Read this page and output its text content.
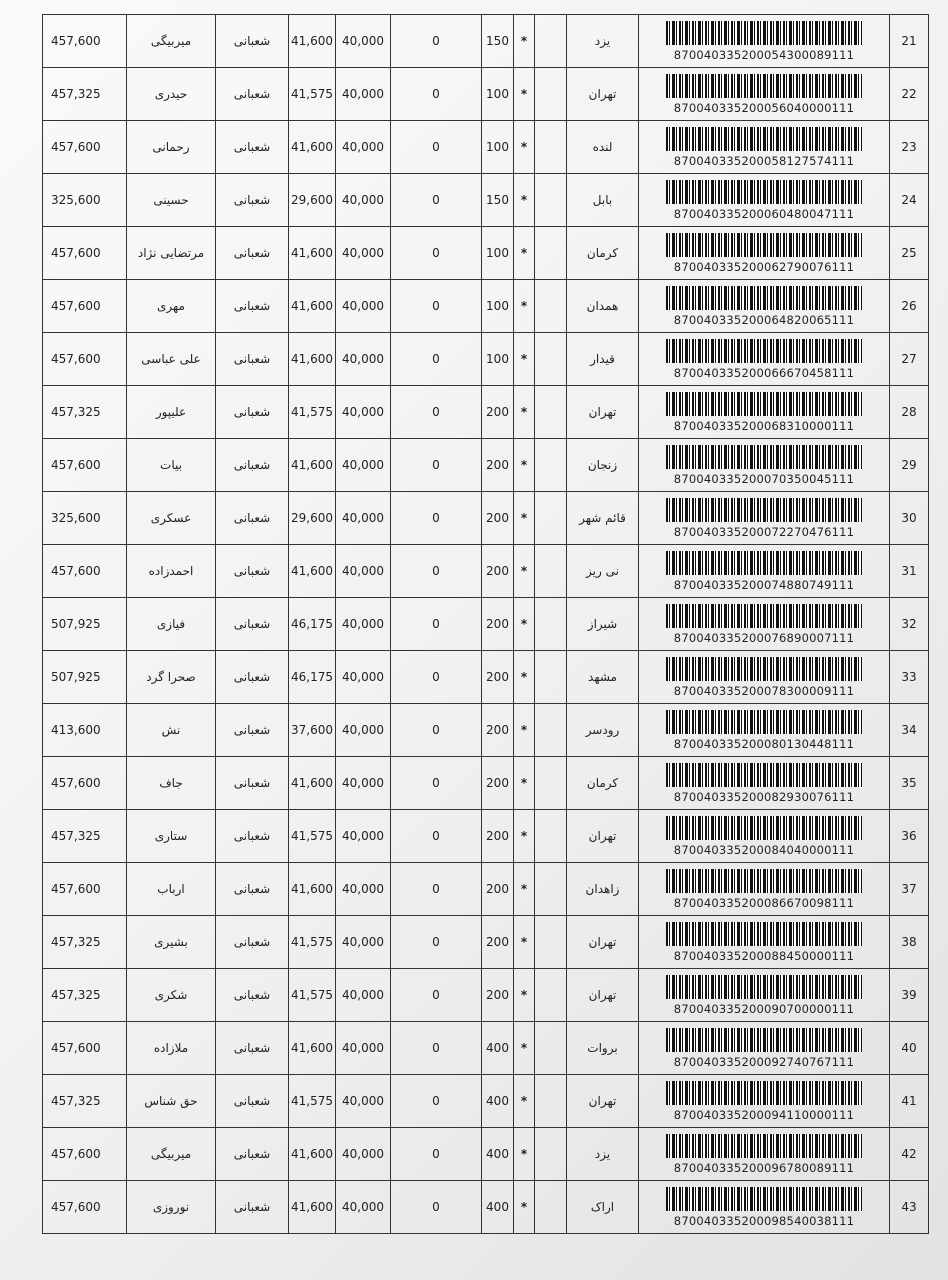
457,600	میربیگی	شعبانی	41,600	40,000	0	150	*		یزد	870040335200054300089111	21
457,325	حیدری	شعبانی	41,575	40,000	0	100	*		تهران	870040335200056040000111	22
457,600	رحمانی	شعبانی	41,600	40,000	0	100	*		لنده	870040335200058127574111	23
325,600	حسینی	شعبانی	29,600	40,000	0	150	*		بابل	870040335200060480047111	24
457,600	مرتضایی نژاد	شعبانی	41,600	40,000	0	100	*		کرمان	870040335200062790076111	25
457,600	مهری	شعبانی	41,600	40,000	0	100	*		همدان	870040335200064820065111	26
457,600	علی عباسی	شعبانی	41,600	40,000	0	100	*		قیدار	870040335200066670458111	27
457,325	علیپور	شعبانی	41,575	40,000	0	200	*		تهران	870040335200068310000111	28
457,600	بیات	شعبانی	41,600	40,000	0	200	*		زنجان	870040335200070350045111	29
325,600	عسکری	شعبانی	29,600	40,000	0	200	*		قائم شهر	870040335200072270476111	30
457,600	احمدزاده	شعبانی	41,600	40,000	0	200	*		نی ریز	870040335200074880749111	31
507,925	فیازی	شعبانی	46,175	40,000	0	200	*		شیراز	870040335200076890007111	32
507,925	صحرا گرد	شعبانی	46,175	40,000	0	200	*		مشهد	870040335200078300009111	33
413,600	نش	شعبانی	37,600	40,000	0	200	*		رودسر	870040335200080130448111	34
457,600	جاف	شعبانی	41,600	40,000	0	200	*		کرمان	870040335200082930076111	35
457,325	ستاری	شعبانی	41,575	40,000	0	200	*		تهران	870040335200084040000111	36
457,600	ارباب	شعبانی	41,600	40,000	0	200	*		زاهدان	870040335200086670098111	37
457,325	بشیری	شعبانی	41,575	40,000	0	200	*		تهران	870040335200088450000111	38
457,325	شکری	شعبانی	41,575	40,000	0	200	*		تهران	870040335200090700000111	39
457,600	ملازاده	شعبانی	41,600	40,000	0	400	*		بروات	870040335200092740767111	40
457,325	حق شناس	شعبانی	41,575	40,000	0	400	*		تهران	870040335200094110000111	41
457,600	میربیگی	شعبانی	41,600	40,000	0	400	*		یزد	870040335200096780089111	42
457,600	نوروزی	شعبانی	41,600	40,000	0	400	*		اراک	870040335200098540038111	43
